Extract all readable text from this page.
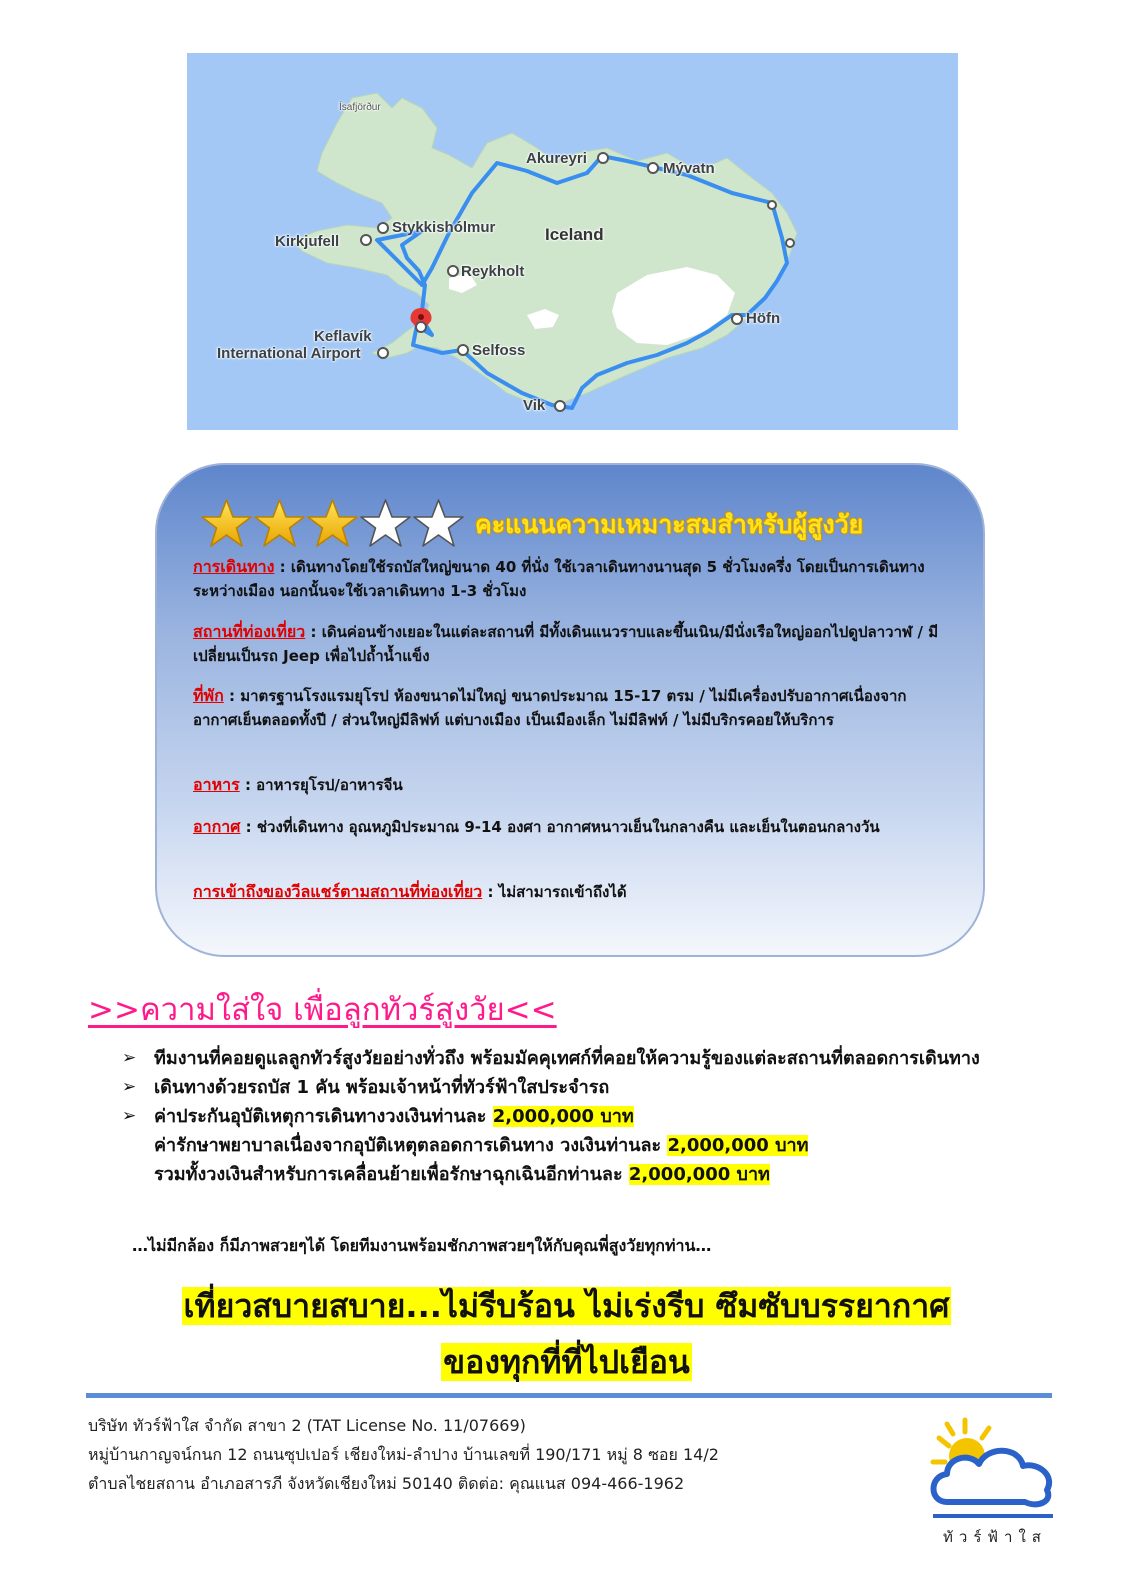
Ísafjörður
Akureyri
Mývatn
Stykkishólmur
Kirkjufell	Iceland
Reykholt
Keflavík
International Airport	Selfoss
Vik
Höfn
คะแนนความเหมาะสมสำหรับผู้สูงวัย
การเดินทาง : เดินทางโดยใช้รถบัสใหญ่ขนาด 40 ที่นั่ง ใช้เวลาเดินทางนานสุด 5 ชั่วโมงครึ่ง โดยเป็นการเดินทางระหว่างเมือง นอกนั้นจะใช้เวลาเดินทาง 1-3 ชั่วโมง
สถานที่ท่องเที่ยว : เดินค่อนข้างเยอะในแต่ละสถานที่ มีทั้งเดินแนวราบและขึ้นเนิน/มีนั่งเรือใหญ่ออกไปดูปลาวาฬ / มีเปลี่ยนเป็นรถ Jeep เพื่อไปถ้ำน้ำแข็ง
ที่พัก : มาตรฐานโรงแรมยุโรป ห้องขนาดไม่ใหญ่ ขนาดประมาณ 15-17 ตรม / ไม่มีเครื่องปรับอากาศเนื่องจากอากาศเย็นตลอดทั้งปี / ส่วนใหญ่มีลิฟท์ แต่บางเมือง เป็นเมืองเล็ก ไม่มีลิฟท์ / ไม่มีบริกรคอยให้บริการ
อาหาร : อาหารยุโรป/อาหารจีน
อากาศ : ช่วงที่เดินทาง อุณหภูมิประมาณ 9-14 องศา อากาศหนาวเย็นในกลางคืน และเย็นในตอนกลางวัน
การเข้าถึงของวีลแชร์ตามสถานที่ท่องเที่ยว : ไม่สามารถเข้าถึงได้
>>ความใส่ใจ เพื่อลูกทัวร์สูงวัย<<
➢ ทีมงานที่คอยดูแลลูกทัวร์สูงวัยอย่างทั่วถึง พร้อมมัคคุเทศก์ที่คอยให้ความรู้ของแต่ละสถานที่ตลอดการเดินทาง
➢ เดินทางด้วยรถบัส 1 คัน พร้อมเจ้าหน้าที่ทัวร์ฟ้าใสประจำรถ
➢ ค่าประกันอุบัติเหตุการเดินทางวงเงินท่านละ 2,000,000 บาท
ค่ารักษาพยาบาลเนื่องจากอุบัติเหตุตลอดการเดินทาง วงเงินท่านละ 2,000,000 บาท
รวมทั้งวงเงินสำหรับการเคลื่อนย้ายเพื่อรักษาฉุกเฉินอีกท่านละ 2,000,000 บาท
…ไม่มีกล้อง ก็มีภาพสวยๆได้ โดยทีมงานพร้อมชักภาพสวยๆให้กับคุณพี่สูงวัยทุกท่าน…
เที่ยวสบายสบาย...ไม่รีบร้อน ไม่เร่งรีบ ซึมซับบรรยากาศ
ของทุกที่ที่ไปเยือน
บริษัท ทัวร์ฟ้าใส จำกัด สาขา 2 (TAT License No. 11/07669)
หมู่บ้านกาญจน์กนก 12 ถนนซุปเปอร์ เชียงใหม่-ลำปาง บ้านเลขที่ 190/171 หมู่ 8 ซอย 14/2
ตำบลไชยสถาน อำเภอสารภี จังหวัดเชียงใหม่ 50140 ติดต่อ: คุณแนส 094-466-1962
ทัวร์ฟ้าใส
